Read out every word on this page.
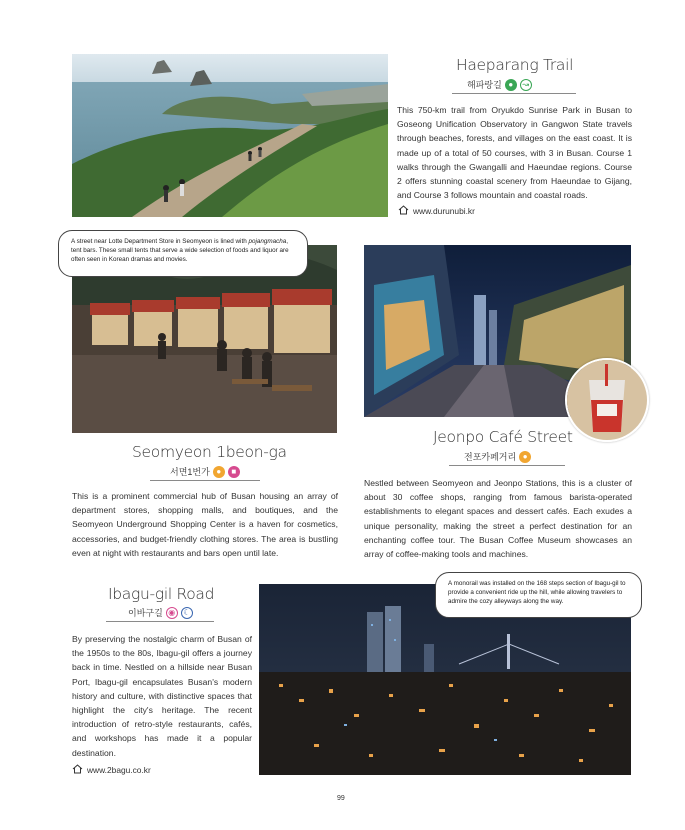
Haeparang Trail
해파랑길 ●	↝
This 750-km trail from Oryukdo Sunrise Park in Busan to Goseong Unification Observatory in Gangwon State travels through beaches, forests, and villages on the east coast. It is made up of a total of 50 courses, with 3 in Busan. Course 1 walks through the Gwangalli and Haeundae regions. Course 2 offers stunning coastal scenery from Haeundae to Gijang, and Course 3 follows mountain and coastal roads.
www.durunubi.kr
A street near Lotte Department Store in Seomyeon is lined with pojangmacha, tent bars. These small tents that serve a wide selection of foods and liquor are often seen in Korean dramas and movies.
Jeonpo Café Street
전포카페거리 ●
Nestled between Seomyeon and Jeonpo Stations, this is a cluster of about 30 coffee shops, ranging from famous barista-operated establishments to elegant spaces and dessert cafés. Each exudes a unique personality, making the street a perfect destination for an enchanting coffee tour. The Busan Coffee Museum showcases an array of coffee-making tools and machines.
Seomyeon 1beon-ga
서면1번가 ●	■
This is a prominent commercial hub of Busan housing an array of department stores, shopping malls, and boutiques, and the Seomyeon Underground Shopping Center is a haven for cosmetics, accessories, and budget-friendly clothing stores. The area is bustling even at night with restaurants and bars open until late.
Ibagu-gil Road
이바구길 ◉ ☾
By preserving the nostalgic charm of Busan of the 1950s to the 80s, Ibagu-gil offers a journey back in time. Nestled on a hillside near Busan Port, Ibagu-gil encapsulates Busan's modern history and culture, with distinctive spaces that highlight the city's heritage. The recent introduction of retro-style restaurants, cafés, and workshops has made it a popular destination.
www.2bagu.co.kr
A monorail was installed on the 168 steps section of Ibagu-gil to provide a convenient ride up the hill, while allowing travelers to admire the cozy alleyways along the way.
99
